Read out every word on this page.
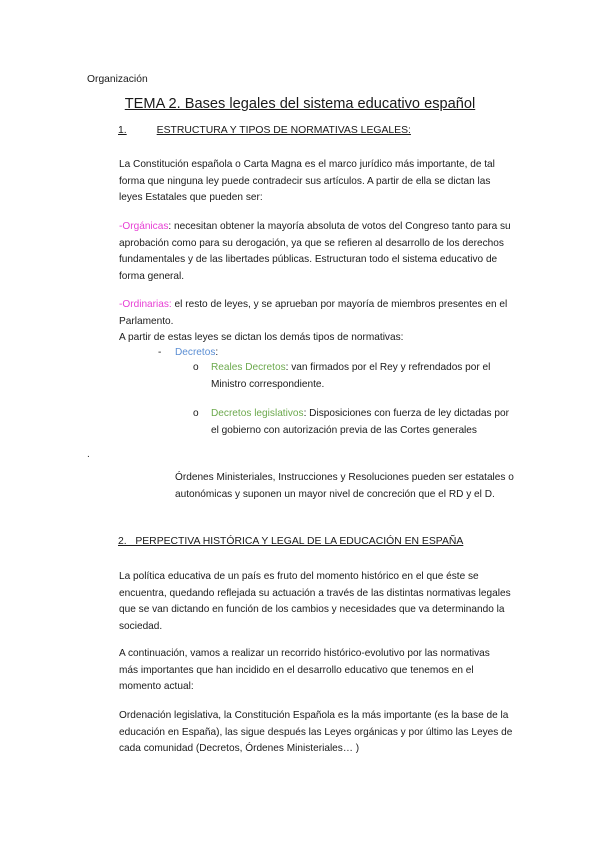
Organización
TEMA 2. Bases legales del sistema educativo español
1.	ESTRUCTURA Y TIPOS DE NORMATIVAS LEGALES:
La Constitución española o Carta Magna es el marco jurídico más importante, de tal
forma que ninguna ley puede contradecir sus artículos. A partir de ella se dictan las
leyes Estatales que pueden ser:
-Orgánicas: necesitan obtener la mayoría absoluta de votos del Congreso tanto para su
aprobación como para su derogación, ya que se refieren al desarrollo de los derechos
fundamentales y de las libertades públicas. Estructuran todo el sistema educativo de
forma general.
-Ordinarias: el resto de leyes, y se aprueban por mayoría de miembros presentes en el
Parlamento.
A partir de estas leyes se dictan los demás tipos de normativas:
- Decretos:
o Reales Decretos: van firmados por el Rey y refrendados por el
Ministro correspondiente.
o Decretos legislativos: Disposiciones con fuerza de ley dictadas por
el gobierno con autorización previa de las Cortes generales
.
Órdenes Ministeriales, Instrucciones y Resoluciones pueden ser estatales o
autonómicas y suponen un mayor nivel de concreción que el RD y el D.
2.   PERPECTIVA HISTÓRICA Y LEGAL DE LA EDUCACIÓN EN ESPAÑA
La política educativa de un país es fruto del momento histórico en el que éste se
encuentra, quedando reflejada su actuación a través de las distintas normativas legales
que se van dictando en función de los cambios y necesidades que va determinando la
sociedad.
A continuación, vamos a realizar un recorrido histórico-evolutivo por las normativas
más importantes que han incidido en el desarrollo educativo que tenemos en el
momento actual:
Ordenación legislativa, la Constitución Española es la más importante (es la base de la
educación en España), las sigue después las Leyes orgánicas y por último las Leyes de
cada comunidad (Decretos, Órdenes Ministeriales… )
